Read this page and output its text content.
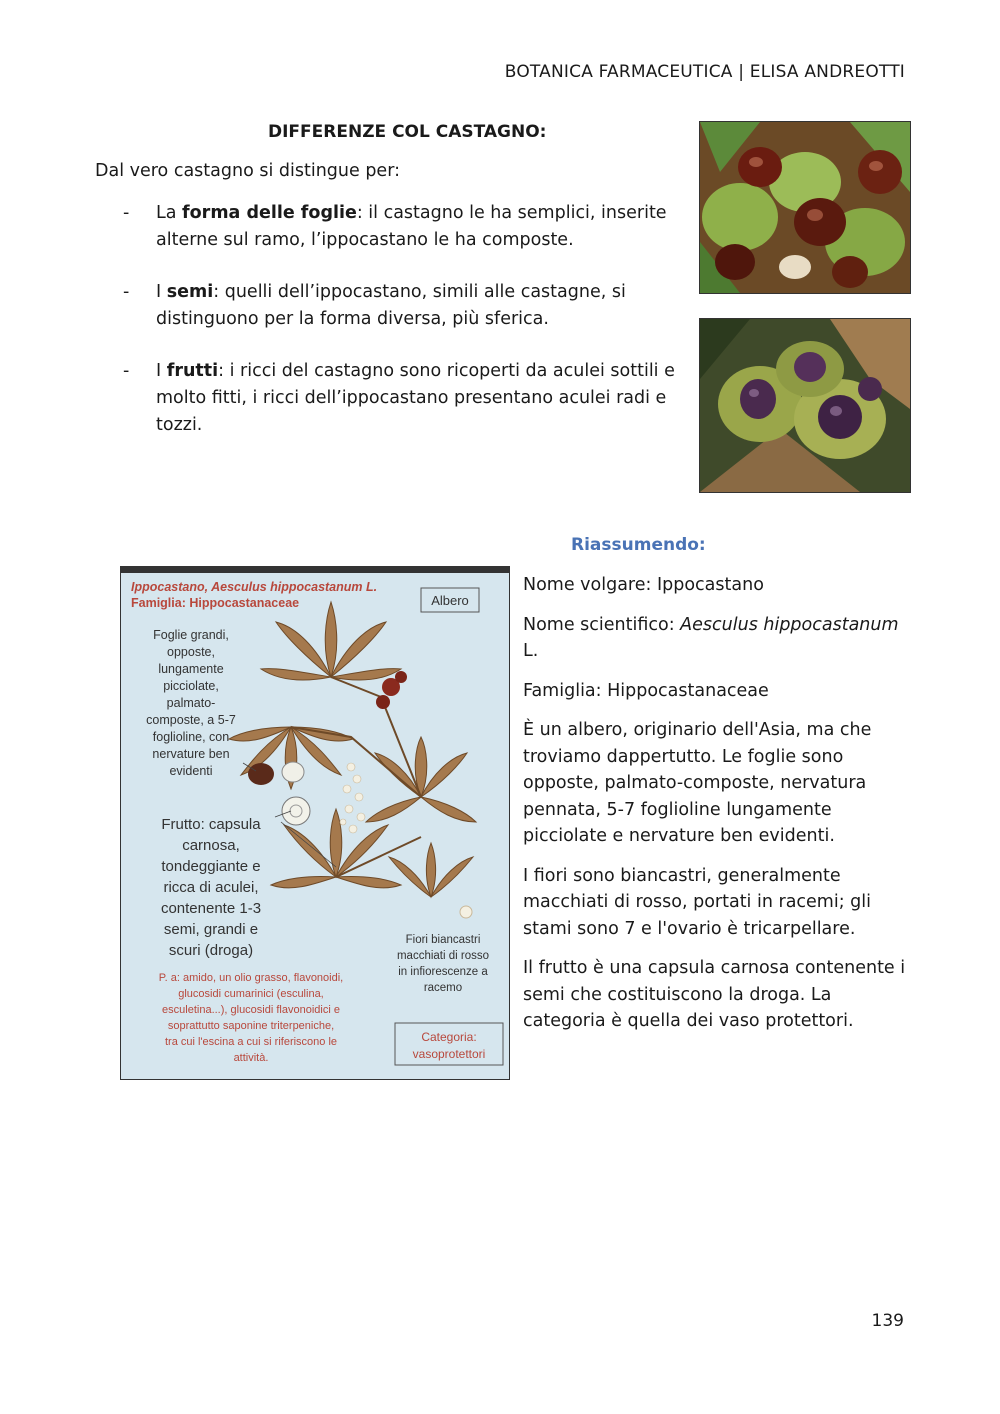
BOTANICA FARMACEUTICA | ELISA ANDREOTTI
DIFFERENZE COL CASTAGNO:
Dal vero castagno si distingue per:
- La forma delle foglie: il castagno le ha semplici, inserite alterne sul ramo, l’ippocastano le ha composte.
- I semi: quelli dell’ippocastano, simili alle castagne, si distinguono per la forma diversa, più sferica.
- I frutti: i ricci del castagno sono ricoperti da aculei sottili e molto fitti, i ricci dell’ippocastano presentano aculei radi e tozzi.
Riassumendo:

Nome volgare: Ippocastano

Nome scientifico: Aesculus hippocastanum L.

Famiglia: Hippocastanaceae

È un albero, originario dell'Asia, ma che troviamo dappertutto. Le foglie sono opposte, palmato-composte, nervatura pennata, 5-7 foglioline lungamente picciolate e nervature ben evidenti.

I fiori sono biancastri, generalmente macchiati di rosso, portati in racemi; gli stami sono 7 e l'ovario è tricarpellare.

Il frutto è una capsula carnosa contenente i semi che costituiscono la droga. La categoria è quella dei vaso protettori.

Ippocastano, Aesculus hippocastanum L.
Famiglia: Hippocastanaceae	Albero
Foglie grandi,
opposte,
lungamente
picciolate,
palmato-
composte, a 5-7
foglioline, con
nervature ben
evidenti
Frutto: capsula
carnosa,
tondeggiante e
ricca di aculei,
contenente 1-3
semi, grandi e
scuri (droga)
Fiori biancastri
macchiati di rosso
in infiorescenze a
racemo
P. a: amido, un olio grasso, flavonoidi,
glucosidi cumarinici (esculina,
esculetina...), glucosidi flavonoidici e
soprattutto saponine triterpeniche,
tra cui l'escina a cui si riferiscono le
attività.
Categoria:
vasoprotettori
139
